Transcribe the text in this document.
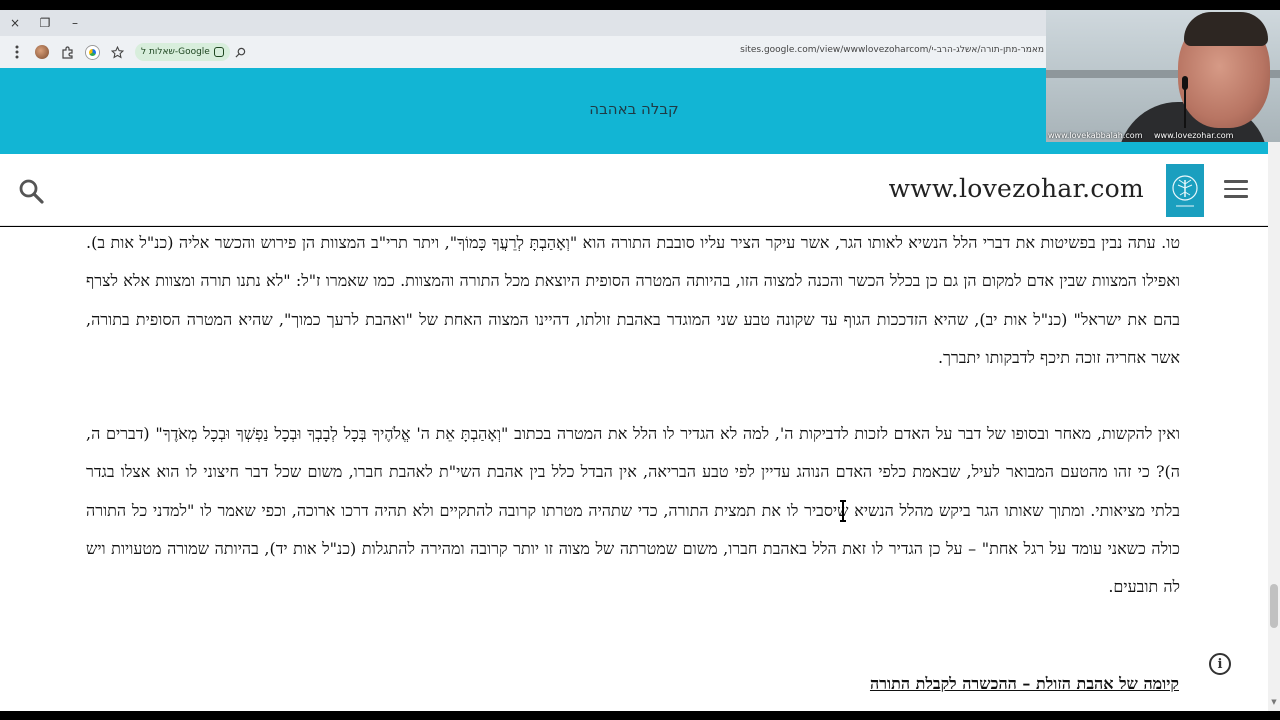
×	❐	–
שאלות ל-Google	sites.google.com/view/wwwlovezoharcom/מאמר-מתן-תורה/אשלג-הרב-י
קבלה באהבה
www.lovezohar.com

טו. עתה נבין בפשיטות את דברי הלל הנשיא לאותו הגר, אשר עיקר הציר עליו סובבת התורה הוא "וְאָהַבְתָּ לְרֵעֲךָ כָּמוֹךָ", ויתר תרי"ב המצוות הן פירוש והכשר אליה (כנ"ל אות ב). ואפילו המצוות שבין אדם למקום הן גם כן בכלל הכשר והכנה למצוה הזו, בהיותה המטרה הסופית היוצאת מכל התורה והמצוות. כמו שאמרו ז"ל: "לא נתנו תורה ומצוות אלא לצרף בהם את ישראל" (כנ"ל אות יב), שהיא הזדככות הגוף עד שקונה טבע שני המוגדר באהבת זולתו, דהיינו המצוה האחת של "ואהבת לרעך כמוך", שהיא המטרה הסופית בתורה, אשר אחריה זוכה תיכף לדבקותו יתברך.

ואין להקשות, מאחר ובסופו של דבר על האדם לזכות לדביקות ה', למה לא הגדיר לו הלל את המטרה בכתוב "וְאָהַבְתָּ אֵת ה' אֱלֹהֶיךָ בְּכָל לְבָבְךָ וּבְכָל נַפְשְׁךָ וּבְכָל מְאֹדֶךָ" (דברים ה, ה)? כי זהו מהטעם המבואר לעיל, שבאמת כלפי האדם הנוהג עדיין לפי טבע הבריאה, אין הבדל כלל בין אהבת השי"ת לאהבת חברו, משום שכל דבר חיצוני לו הוא אצלו בגדר בלתי מציאותי. ומתוך שאותו הגר ביקש מהלל הנשיא שיסביר לו את תמצית התורה, כדי שתהיה מטרתו קרובה להתקיים ולא תהיה דרכו ארוכה, וכפי שאמר לו "למדני כל התורה כולה כשאני עומד על רגל אחת" – על כן הגדיר לו זאת הלל באהבת חברו, משום שמטרתה של מצוה זו יותר קרובה ומהירה להתגלות (כנ"ל אות יד), בהיותה שמורה מטעויות ויש לה תובעים.

קיומה של אהבת הזולת – ההכשרה לקבלת התורה
i
▼
www.lovekabbalah.com www.lovezohar.com
